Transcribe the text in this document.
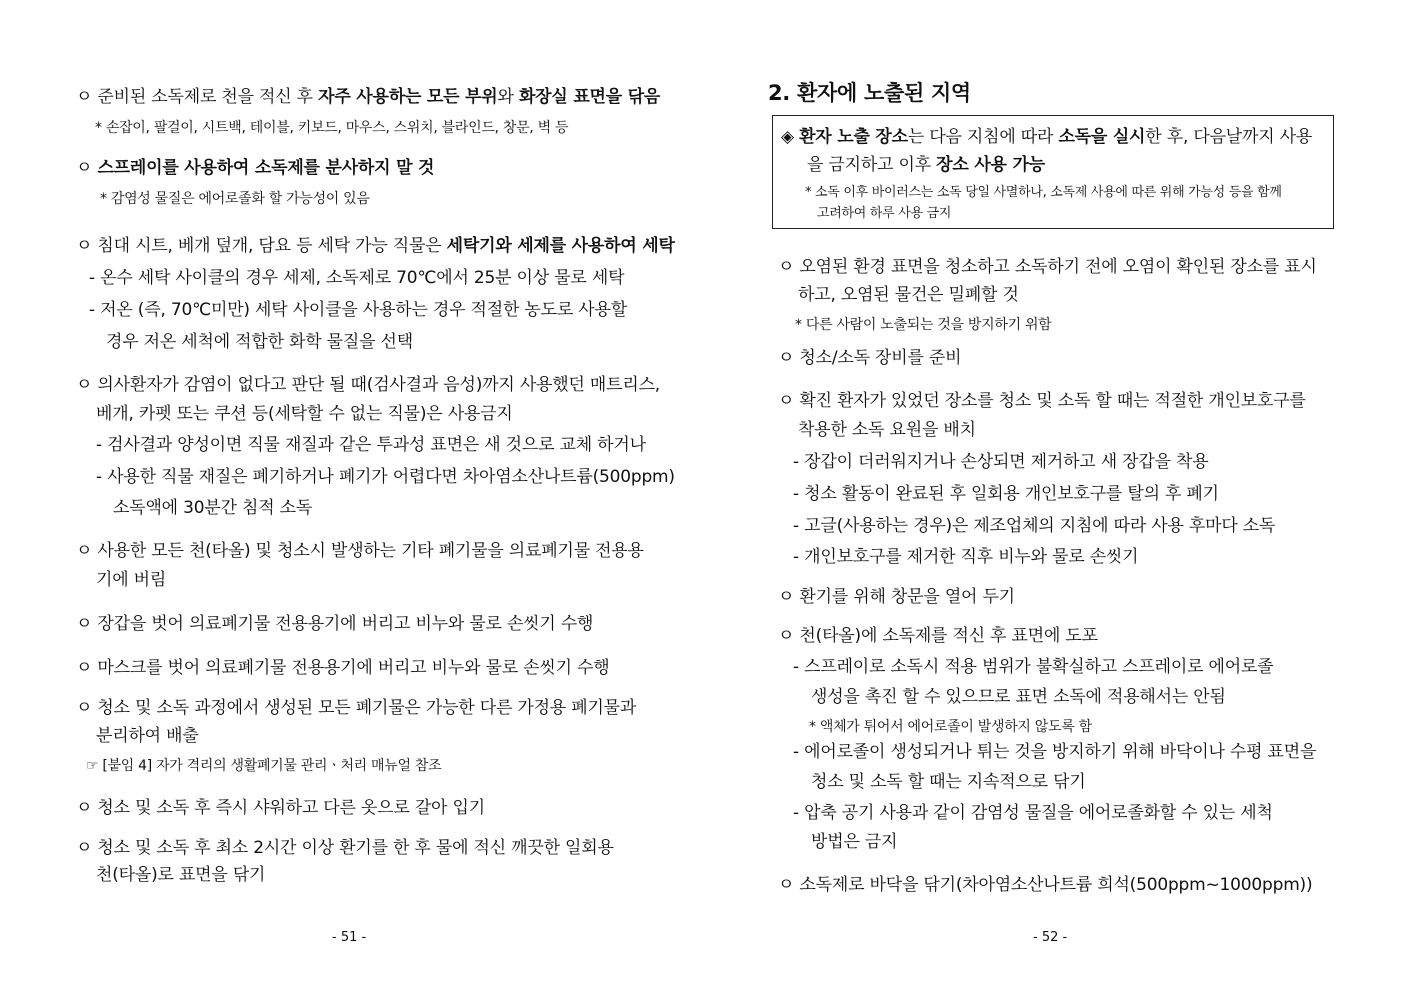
ㅇ 준비된 소독제로 천을 적신 후 자주 사용하는 모든 부위와 화장실 표면을 닦음
* 손잡이, 팔걸이, 시트백, 테이블, 키보드, 마우스, 스위치, 블라인드, 창문, 벽 등
ㅇ 스프레이를 사용하여 소독제를 분사하지 말 것
* 감염성 물질은 에어로졸화 할 가능성이 있음
ㅇ 침대 시트, 베개 덮개, 담요 등 세탁 가능 직물은 세탁기와 세제를 사용하여 세탁
- 온수 세탁 사이클의 경우 세제, 소독제로 70℃에서 25분 이상 물로 세탁
- 저온 (즉, 70℃미만) 세탁 사이클을 사용하는 경우 적절한 농도로 사용할
경우 저온 세척에 적합한 화학 물질을 선택
ㅇ 의사환자가 감염이 없다고 판단 될 때(검사결과 음성)까지 사용했던 매트리스,
베개, 카펫 또는 쿠션 등(세탁할 수 없는 직물)은 사용금지
- 검사결과 양성이면 직물 재질과 같은 투과성 표면은 새 것으로 교체 하거나
- 사용한 직물 재질은 폐기하거나 폐기가 어렵다면 차아염소산나트륨(500ppm)
소독액에 30분간 침적 소독
ㅇ 사용한 모든 천(타올) 및 청소시 발생하는 기타 폐기물을 의료폐기물 전용용
기에 버림
ㅇ 장갑을 벗어 의료폐기물 전용용기에 버리고 비누와 물로 손씻기 수행
ㅇ 마스크를 벗어 의료폐기물 전용용기에 버리고 비누와 물로 손씻기 수행
ㅇ 청소 및 소독 과정에서 생성된 모든 폐기물은 가능한 다른 가정용 폐기물과
분리하여 배출
☞ [붙임 4] 자가 격리의 생활폐기물 관리ㆍ처리 매뉴얼 참조
ㅇ 청소 및 소독 후 즉시 샤워하고 다른 옷으로 갈아 입기
ㅇ 청소 및 소독 후 최소 2시간 이상 환기를 한 후 물에 적신 깨끗한 일회용
천(타올)로 표면을 닦기
- 51 -
2. 환자에 노출된 지역
- 52 -
◈ 환자 노출 장소는 다음 지침에 따라 소독을 실시한 후, 다음날까지 사용
을 금지하고 이후 장소 사용 가능
* 소독 이후 바이러스는 소독 당일 사멸하나, 소독제 사용에 따른 위해 가능성 등을 함께
고려하여 하루 사용 금지
ㅇ 오염된 환경 표면을 청소하고 소독하기 전에 오염이 확인된 장소를 표시
하고, 오염된 물건은 밀폐할 것
* 다른 사람이 노출되는 것을 방지하기 위함
ㅇ 청소/소독 장비를 준비
ㅇ 확진 환자가 있었던 장소를 청소 및 소독 할 때는 적절한 개인보호구를
착용한 소독 요원을 배치
- 장갑이 더러워지거나 손상되면 제거하고 새 장갑을 착용
- 청소 활동이 완료된 후 일회용 개인보호구를 탈의 후 폐기
- 고글(사용하는 경우)은 제조업체의 지침에 따라 사용 후마다 소독
- 개인보호구를 제거한 직후 비누와 물로 손씻기
ㅇ 환기를 위해 창문을 열어 두기
ㅇ 천(타올)에 소독제를 적신 후 표면에 도포
- 스프레이로 소독시 적용 범위가 불확실하고 스프레이로 에어로졸
생성을 촉진 할 수 있으므로 표면 소독에 적용해서는 안됨
* 액체가 튀어서 에어로졸이 발생하지 않도록 함
- 에어로졸이 생성되거나 튀는 것을 방지하기 위해 바닥이나 수평 표면을
청소 및 소독 할 때는 지속적으로 닦기
- 압축 공기 사용과 같이 감염성 물질을 에어로졸화할 수 있는 세척
방법은 금지
ㅇ 소독제로 바닥을 닦기(차아염소산나트륨 희석(500ppm~1000ppm))
